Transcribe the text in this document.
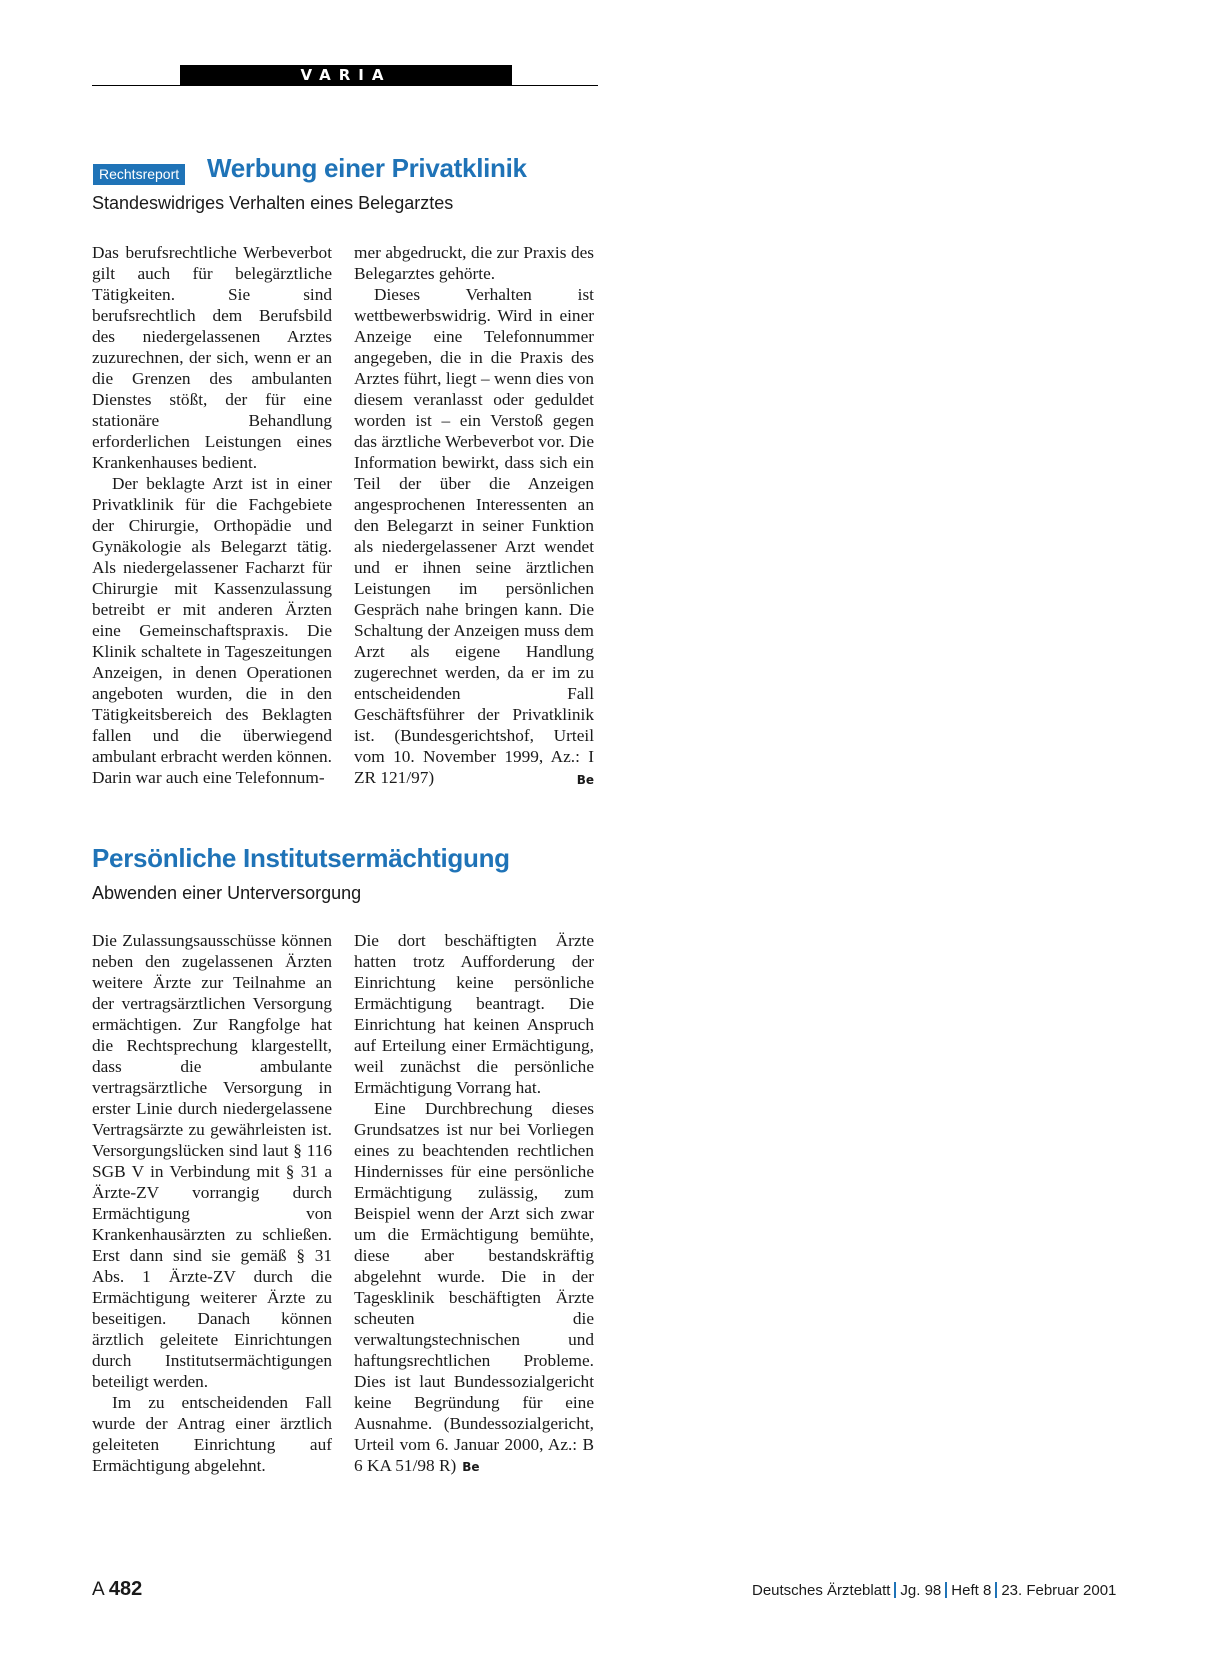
VARIA
Rechtsreport Werbung einer Privatklinik
Standeswidriges Verhalten eines Belegarztes

Das berufsrechtliche Werbeverbot gilt auch für belegärztliche Tätigkeiten. Sie sind berufsrechtlich dem Berufsbild des niedergelassenen Arztes zuzurechnen, der sich, wenn er an die Grenzen des ambulanten Dienstes stößt, der für eine stationäre Behandlung erforderlichen Leistungen eines Krankenhauses bedient.

Der beklagte Arzt ist in einer Privatklinik für die Fachgebiete der Chirurgie, Orthopädie und Gynäkologie als Belegarzt tätig. Als niedergelassener Facharzt für Chirurgie mit Kassenzulassung betreibt er mit anderen Ärzten eine Gemeinschaftspraxis. Die Klinik schaltete in Tageszeitungen Anzeigen, in denen Operationen angeboten wurden, die in den Tätigkeitsbereich des Beklagten fallen und die überwiegend ambulant erbracht werden können. Darin war auch eine Telefonnum-

mer abgedruckt, die zur Praxis des Belegarztes gehörte.

Dieses Verhalten ist wettbewerbswidrig. Wird in einer Anzeige eine Telefonnummer angegeben, die in die Praxis des Arztes führt, liegt – wenn dies von diesem veranlasst oder geduldet worden ist – ein Verstoß gegen das ärztliche Werbeverbot vor. Die Information bewirkt, dass sich ein Teil der über die Anzeigen angesprochenen Interessenten an den Belegarzt in seiner Funktion als niedergelassener Arzt wendet und er ihnen seine ärztlichen Leistungen im persönlichen Gespräch nahe bringen kann. Die Schaltung der Anzeigen muss dem Arzt als eigene Handlung zugerechnet werden, da er im zu entscheidenden Fall Geschäftsführer der Privatklinik ist. (Bundesgerichtshof, Urteil vom 10. November 1999, Az.: I ZR 121/97)	Be

Persönliche Institutsermächtigung
Abwenden einer Unterversorgung

Die Zulassungsausschüsse können neben den zugelassenen Ärzten weitere Ärzte zur Teilnahme an der vertragsärztlichen Versorgung ermächtigen. Zur Rangfolge hat die Rechtsprechung klargestellt, dass die ambulante vertragsärztliche Versorgung in erster Linie durch niedergelassene Vertragsärzte zu gewährleisten ist. Versorgungslücken sind laut § 116 SGB V in Verbindung mit § 31 a Ärzte-ZV vorrangig durch Ermächtigung von Krankenhausärzten zu schließen. Erst dann sind sie gemäß § 31 Abs. 1 Ärzte-ZV durch die Ermächtigung weiterer Ärzte zu beseitigen. Danach können ärztlich geleitete Einrichtungen durch Institutsermächtigungen beteiligt werden.

Im zu entscheidenden Fall wurde der Antrag einer ärztlich geleiteten Einrichtung auf Ermächtigung abgelehnt.

Die dort beschäftigten Ärzte hatten trotz Aufforderung der Einrichtung keine persönliche Ermächtigung beantragt. Die Einrichtung hat keinen Anspruch auf Erteilung einer Ermächtigung, weil zunächst die persönliche Ermächtigung Vorrang hat.

Eine Durchbrechung dieses Grundsatzes ist nur bei Vorliegen eines zu beachtenden rechtlichen Hindernisses für eine persönliche Ermächtigung zulässig, zum Beispiel wenn der Arzt sich zwar um die Ermächtigung bemühte, diese aber bestandskräftig abgelehnt wurde. Die in der Tagesklinik beschäftigten Ärzte scheuten die verwaltungstechnischen und haftungsrechtlichen Probleme. Dies ist laut Bundessozialgericht keine Begründung für eine Ausnahme. (Bundessozialgericht, Urteil vom 6. Januar 2000, Az.: B 6 KA 51/98 R) Be

A 482	Deutsches Ärzteblatt Jg. 98 Heft 8 23. Februar 2001
